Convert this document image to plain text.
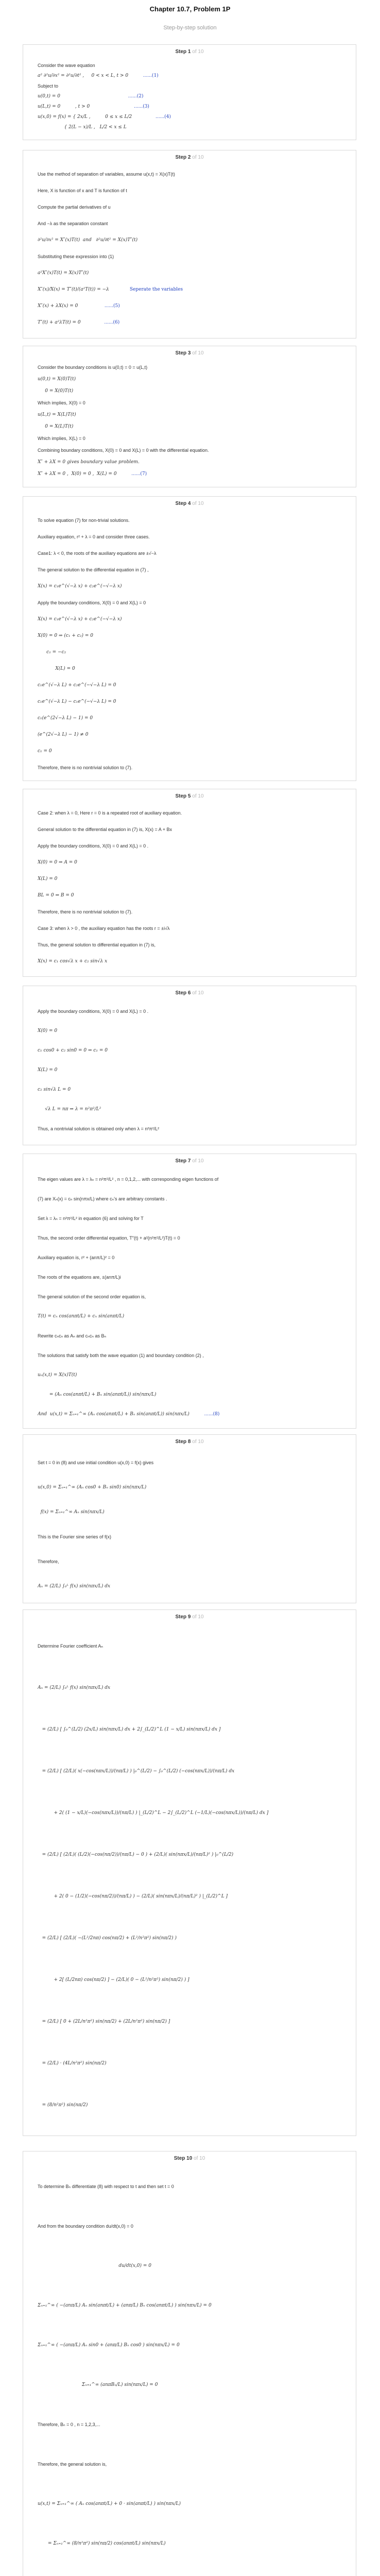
Chapter 10.7, Problem 1P
Step-by-step solution
Step 1 of 10
Consider the wave equation
a² ∂²u/∂x² = ∂²u/∂t² ,     0 < x < L, t > 0 ......(1)
Subject to
u(0,t) = 0 ......(2)
u(L,t) = 0          , t > 0 ......(3)
u(x,0) = f(x) = { 2x/L ,          0 ≤ x ≤ L/2 ......(4)
{ 2(L − x)/L ,   L/2 < x ≤ L
Step 2 of 10
Use the method of separation of variables, assume u(x,t) = X(x)T(t)
Here, X is function of x and T is function of t
Compute the partial derivatives of u
And −λ as the separation constant
∂²u/∂x² = X″(x)T(t)  and   ∂²u/∂t² = X(x)T″(t)
Substituting these expression into (1)
a²X″(x)T(t) = X(x)T″(t)
X″(x)/X(x) = T″(t)/(a²T(t)) = −λ	Seperate the variables
X″(x) + λX(x) = 0 ......(5)
T″(t) + a²λT(t) = 0 ......(6)
Step 3 of 10
Consider the boundary conditions is u(0,t) = 0 = u(L,t)
u(0,t) = X(0)T(t)
0 = X(0)T(t)
Which implies, X(0) = 0
u(L,t) = X(L)T(t)
0 = X(L)T(t)
Which implies, X(L) = 0
Combining boundary conditions, X(0) = 0 and X(L) = 0 with the differential equation.
X″ + λX = 0 gives boundary value problem.
X″ + λX = 0 ,  X(0) = 0 ,  X(L) = 0 ......(7)
Step 4 of 10
To solve equation (7) for non-trivial solutions.
Auxiliary equation, r² + λ = 0 and consider three cases.
Case1: λ < 0, the roots of the auxiliary equations are ±√−λ
The general solution to the differential equation in (7) ,
X(x) = c₁e^(√−λ x) + c₂e^(−√−λ x)
Apply the boundary conditions, X(0) = 0 and X(L) = 0
X(x) = c₁e^(√−λ x) + c₂e^(−√−λ x)
X(0) = 0 ⇒ (c₁ + c₂) = 0
c₁ = −c₂
X(L) = 0
c₁e^(√−λ L) + c₂e^(−√−λ L) = 0
c₁e^(√−λ L) − c₁e^(−√−λ L) = 0
c₁(e^(2√−λ L) − 1) = 0
(e^(2√−λ L) − 1) ≠ 0
c₁ = 0
Therefore, there is no nontrivial solution to (7).
Step 5 of 10
Case 2: when λ = 0, Here r = 0 is a repeated root of auxiliary equation.
General solution to the differential equation in (7) is, X(x) = A + Bx
Apply the boundary conditions, X(0) = 0 and X(L) = 0 .
X(0) = 0 ⇒ A = 0
X(L) = 0
BL = 0 ⇒ B = 0
Therefore, there is no nontrivial solution to (7).
Case 3: when λ > 0 , the auxiliary equation has the roots r = ±i√λ
Thus, the general solution to differential equation in (7) is,
X(x) = c₁ cos√λ x + c₂ sin√λ x
Step 6 of 10
Apply the boundary conditions, X(0) = 0 and X(L) = 0 .
X(0) = 0
c₁ cos0 + c₂ sin0 = 0 ⇒ c₁ = 0
X(L) = 0
c₂ sin√λ L = 0
√λ L = nπ ⇒ λ = n²π²/L²
Thus, a nontrivial solution is obtained only when λ = n²π²/L²
Step 7 of 10
The eigen values are λ = λₙ = n²π²/L² , n = 0,1,2,... with corresponding eigen functions of
(7) are Xₙ(x) = cₙ sin(nπx/L) where cₙ's are arbitrary constants .
Set λ = λₙ = n²π²/L² in equation (6) and solving for T
Thus, the second order differential equation, T″(t) + a²(n²π²/L²)T(t) = 0
Auxiliary equation is, r² + (anπ/L)² = 0
The roots of the equations are, ±(anπ/L)i
The general solution of the second order equation is,
T(t) = cₙ cos(anπt/L) + cₙ sin(anπt/L)
Rewrite cₙcₙ as Aₙ and cₙcₙ as Bₙ
The solutions that satisfy both the wave equation (1) and boundary condition (2) ,
uₙ(x,t) = X(x)T(t)
= (Aₙ cos(anπt/L) + Bₙ sin(anπt/L)) sin(nπx/L)
And  u(x,t) = Σₙ₌₁^∞ (Aₙ cos(anπt/L) + Bₙ sin(anπt/L)) sin(nπx/L) ......(8)
Step 8 of 10
Set t = 0 in (8) and use initial condition u(x,0) = f(x) gives
u(x,0) = Σₙ₌₁^∞ (Aₙ cos0 + Bₙ sin0) sin(nπx/L)
f(x) = Σₙ₌₁^∞ Aₙ sin(nπx/L)
This is the Fourier sine series of f(x)
Therefore,
Aₙ = (2/L) ∫₀ᴸ f(x) sin(nπx/L) dx
Step 9 of 10
Determine Fourier coefficient Aₙ
Aₙ = (2/L) ∫₀ᴸ f(x) sin(nπx/L) dx
= (2/L) [ ∫₀^(L/2) (2x/L) sin(nπx/L) dx + 2∫_(L/2)^L (1 − x/L) sin(nπx/L) dx ]
= (2/L) [ (2/L)( x(−cos(nπx/L))/(nπ/L) ) |₀^(L/2) − ∫₀^(L/2) (−cos(nπx/L))/(nπ/L) dx
+ 2( (1 − x/L)(−cos(nπx/L))/(nπ/L) ) |_(L/2)^L − 2∫_(L/2)^L (−1/L)(−cos(nπx/L))/(nπ/L) dx ]
= (2/L) [ (2/L)( (L/2)(−cos(nπ/2))/(nπ/L) − 0 ) + (2/L)( sin(nπx/L)/(nπ/L)² ) |₀^(L/2)
+ 2( 0 − (1/2)(−cos(nπ/2))/(nπ/L) ) − (2/L)( sin(nπx/L)/(nπ/L)² ) |_(L/2)^L ]
= (2/L) [ (2/L)( −(L²/2nπ) cos(nπ/2) + (L²/n²π²) sin(nπ/2) )
+ 2[ (L/2nπ) cos(nπ/2) ] − (2/L)( 0 − (L²/n²π²) sin(nπ/2) ) ]
= (2/L) [ 0 + (2L/n²π²) sin(nπ/2) + (2L/n²π²) sin(nπ/2) ]
= (2/L) · (4L/n²π²) sin(nπ/2)
= (8/n²π²) sin(nπ/2)
Step 10 of 10
To determine Bₙ differentiate (8) with respect to t and then set t = 0
And from the boundary condition du/dt(x,0) = 0
du/dt(x,0) = 0
Σₙ₌₁^∞ ( −(anπ/L) Aₙ sin(anπt/L) + (anπ/L) Bₙ cos(anπt/L) ) sin(nπx/L) = 0
Σₙ₌₁^∞ ( −(anπ/L) Aₙ sin0 + (anπ/L) Bₙ cos0 ) sin(nπx/L) = 0
Σₙ₌₁^∞ (anπBₙ/L) sin(nπx/L) = 0
Therefore, Bₙ = 0 , n = 1,2,3,...
Therefore, the general solution is,
u(x,t) = Σₙ₌₁^∞ ( Aₙ cos(anπt/L) + 0 · sin(anπt/L) ) sin(nπx/L)
= Σₙ₌₁^∞ (8/n²π²) sin(nπ/2) cos(anπt/L) sin(nπx/L)
